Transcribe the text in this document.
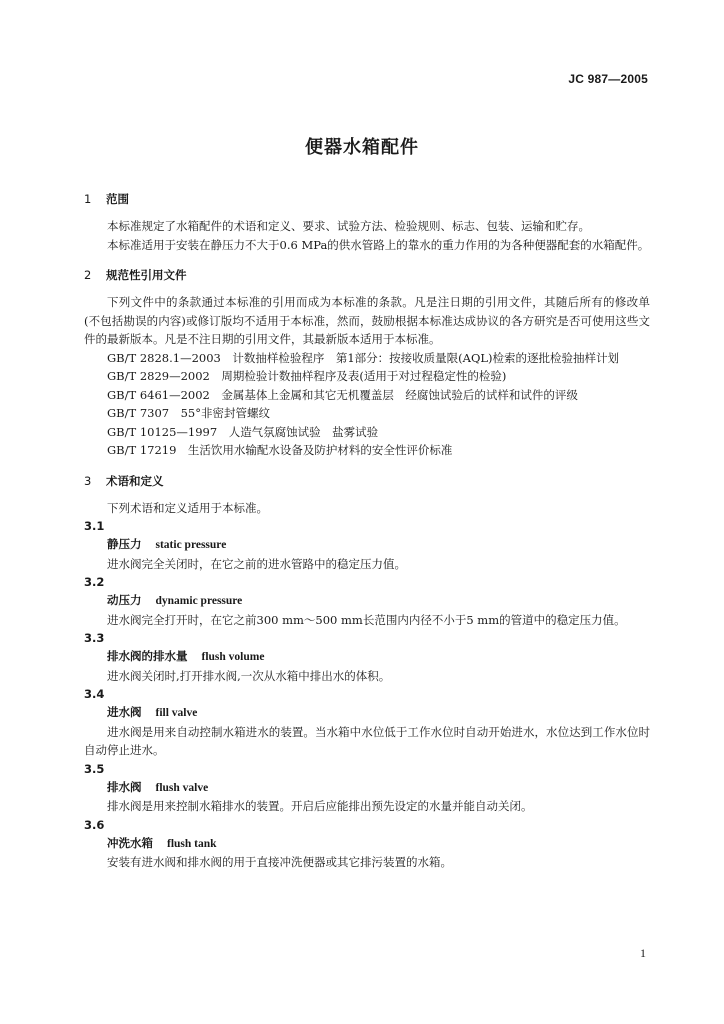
JC 987—2005
便器水箱配件

1 范围

本标准规定了水箱配件的术语和定义、要求、试验方法、检验规则、标志、包装、运输和贮存。

本标准适用于安装在静压力不大于0.6 MPa的供水管路上的靠水的重力作用的为各种便器配套的水箱配件。

2 规范性引用文件

下列文件中的条款通过本标准的引用而成为本标准的条款。凡是注日期的引用文件，其随后所有的修改单(不包括勘误的内容)或修订版均不适用于本标准，然而，鼓励根据本标准达成协议的各方研究是否可使用这些文件的最新版本。凡是不注日期的引用文件，其最新版本适用于本标准。

GB/T 2828.1—2003　计数抽样检验程序　第1部分：按接收质量限(AQL)检索的逐批检验抽样计划

GB/T 2829—2002　周期检验计数抽样程序及表(适用于对过程稳定性的检验)

GB/T 6461—2002　金属基体上金属和其它无机覆盖层　经腐蚀试验后的试样和试件的评级

GB/T 7307　55°非密封管螺纹

GB/T 10125—1997　人造气氛腐蚀试验　盐雾试验

GB/T 17219　生活饮用水输配水设备及防护材料的安全性评价标准

3 术语和定义

下列术语和定义适用于本标准。

3.1

静压力 static pressure

进水阀完全关闭时，在它之前的进水管路中的稳定压力值。

3.2

动压力 dynamic pressure

进水阀完全打开时，在它之前300 mm～500 mm长范围内内径不小于5 mm的管道中的稳定压力值。

3.3

排水阀的排水量 flush volume

进水阀关闭时,打开排水阀,一次从水箱中排出水的体积。

3.4

进水阀 fill valve

进水阀是用来自动控制水箱进水的装置。当水箱中水位低于工作水位时自动开始进水，水位达到工作水位时自动停止进水。

3.5

排水阀 flush valve

排水阀是用来控制水箱排水的装置。开启后应能排出预先设定的水量并能自动关闭。

3.6

冲洗水箱 flush tank

安装有进水阀和排水阀的用于直接冲洗便器或其它排污装置的水箱。

1
